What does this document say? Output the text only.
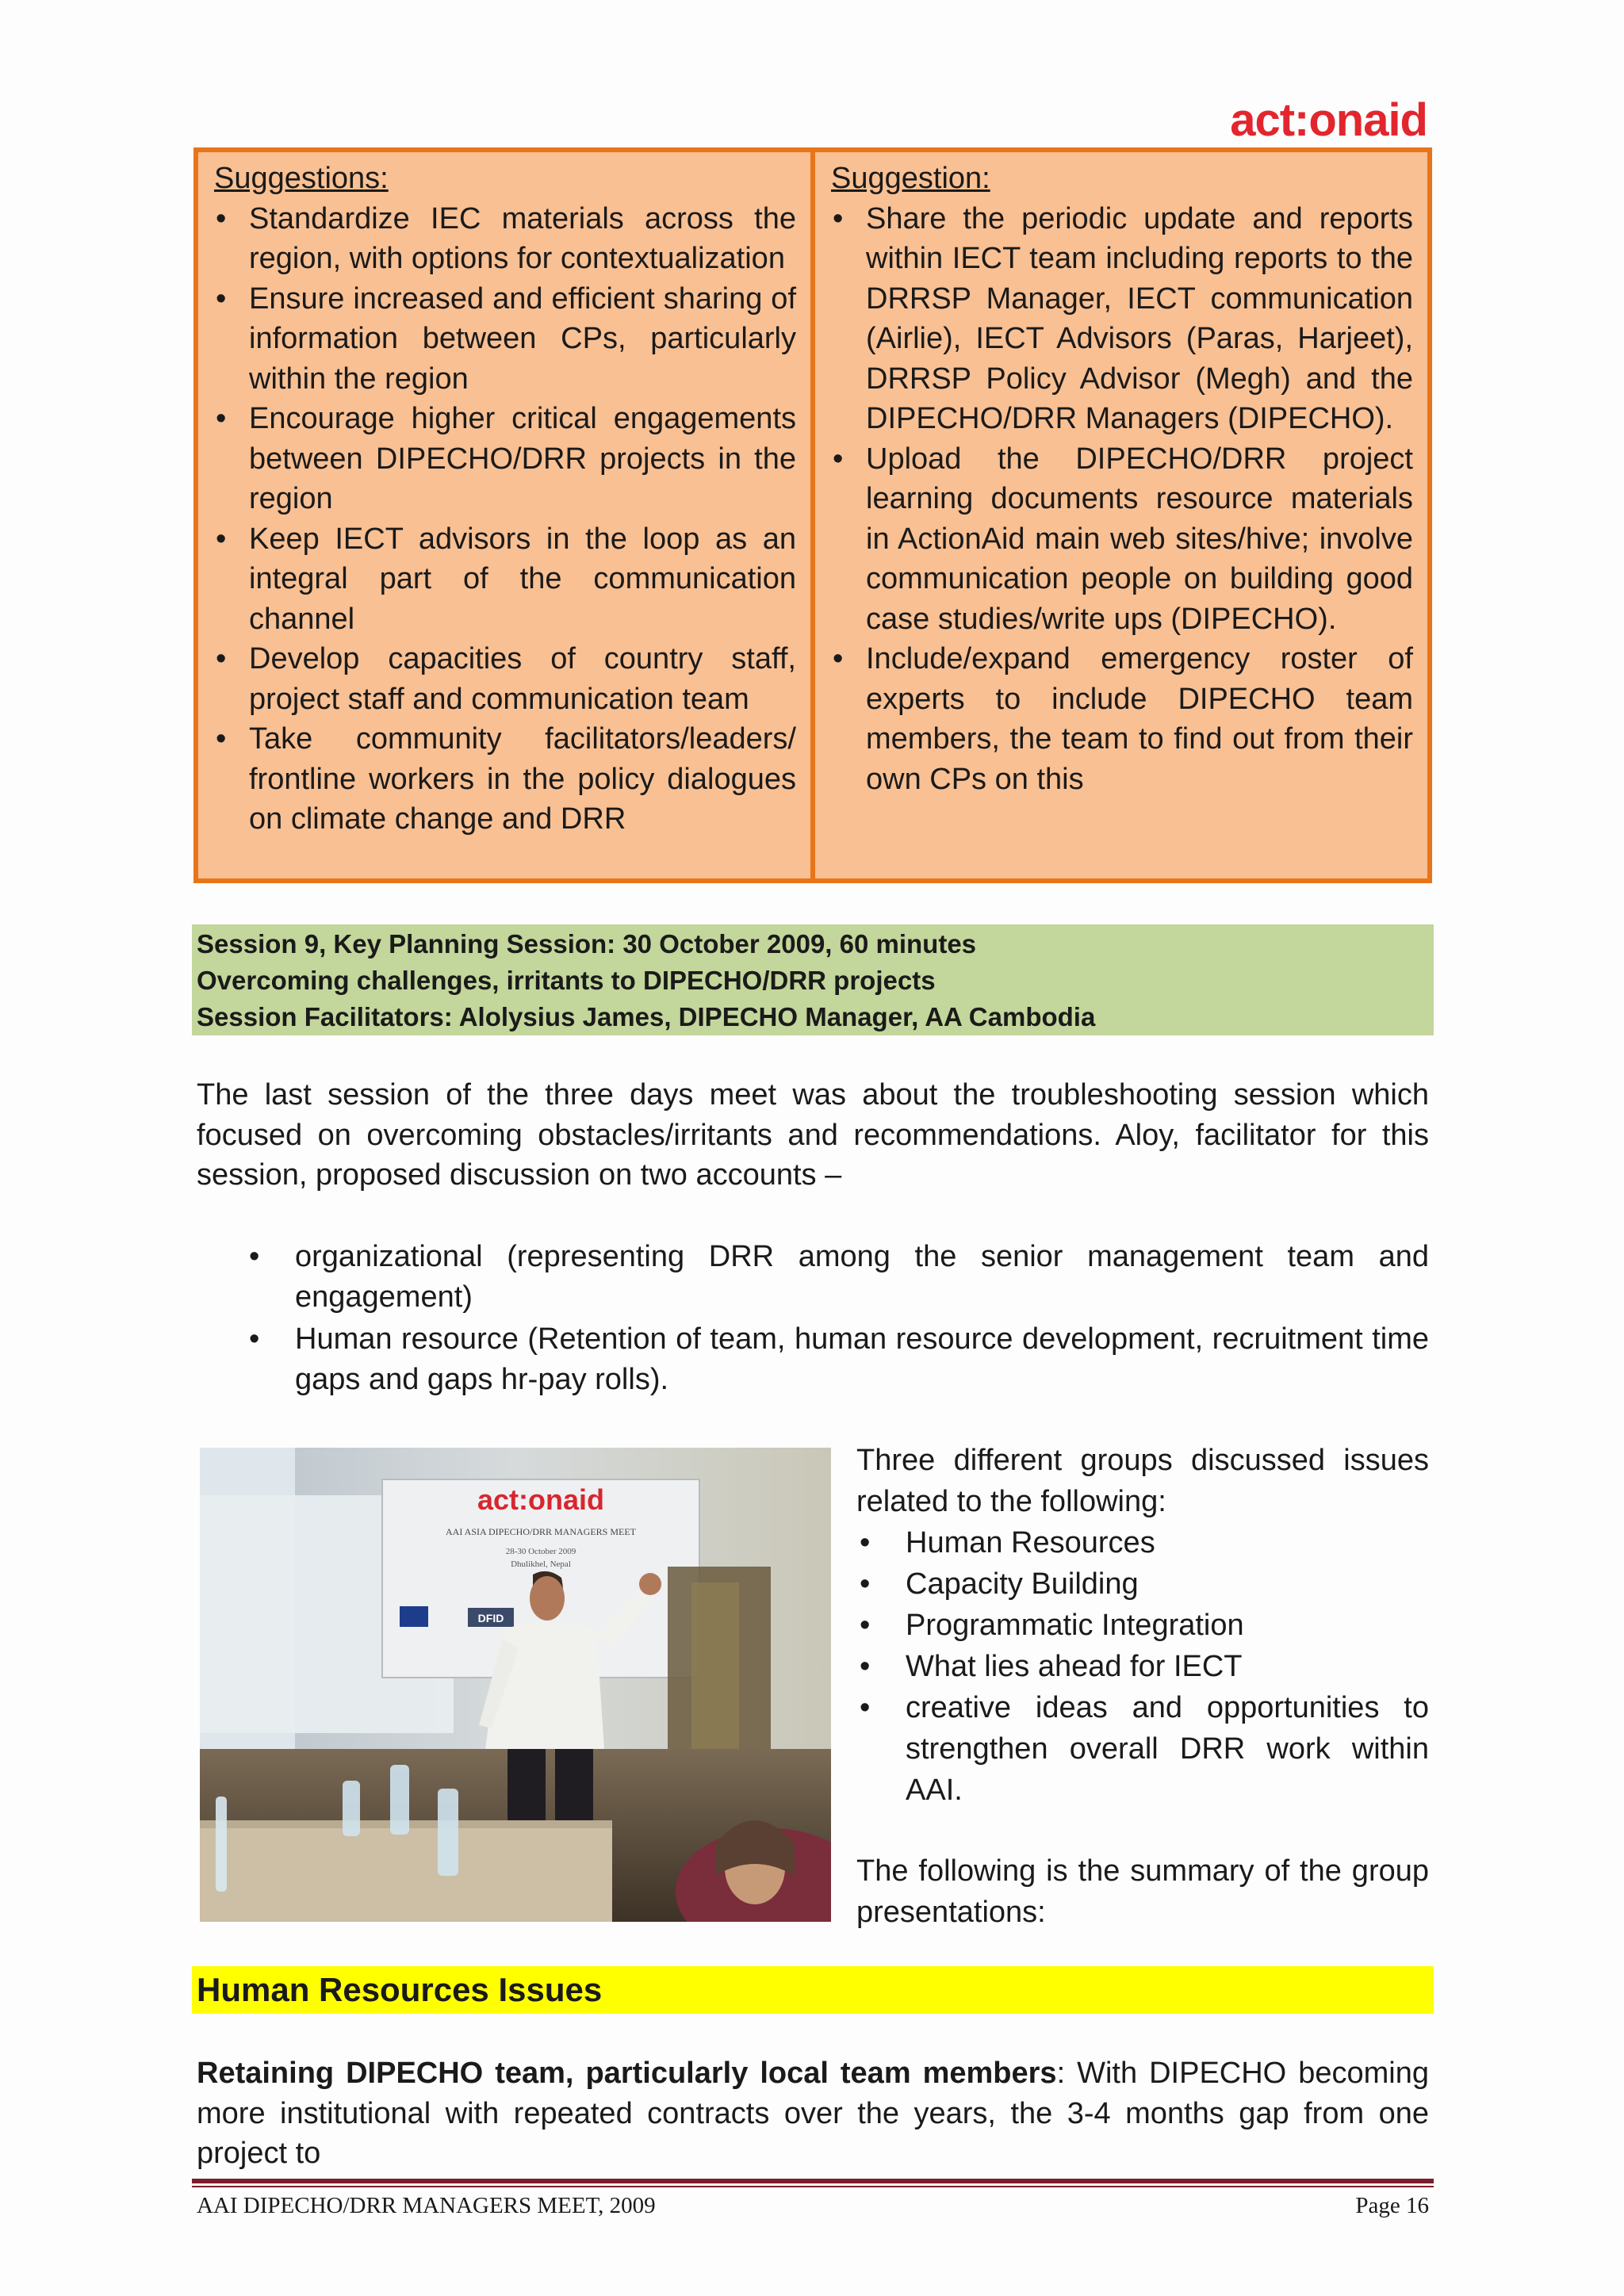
act:onaid
Suggestions:
• Standardize IEC materials across the region, with options for contextualization
• Ensure increased and efficient sharing of information between CPs, particularly within the region
• Encourage higher critical engagements between DIPECHO/DRR projects in the region
• Keep IECT advisors in the loop as an integral part of the communication channel
• Develop capacities of country staff, project staff and communication team
• Take community facilitators/leaders/ frontline workers in the policy dialogues on climate change and DRR
Suggestion:
• Share the periodic update and reports within IECT team including reports to the DRRSP Manager, IECT communication (Airlie), IECT Advisors (Paras, Harjeet), DRRSP Policy Advisor (Megh) and the DIPECHO/DRR Managers (DIPECHO).
• Upload the DIPECHO/DRR project learning documents resource materials in ActionAid main web sites/hive; involve communication people on building good case studies/write ups (DIPECHO).
• Include/expand emergency roster of experts to include DIPECHO team members, the team to find out from their own CPs on this
Session 9, Key Planning Session: 30 October 2009, 60 minutes
Overcoming challenges, irritants to DIPECHO/DRR projects
Session Facilitators: Alolysius James, DIPECHO Manager, AA Cambodia
The last session of the three days meet was about the troubleshooting session which focused on overcoming obstacles/irritants and recommendations. Aloy, facilitator for this session, proposed discussion on two accounts –
• organizational (representing DRR among the senior management team and engagement)
• Human resource (Retention of team, human resource development, recruitment time gaps and gaps hr-pay rolls).
act:onaid
AAI ASIA DIPECHO/DRR MANAGERS MEET
28-30 October 2009
Dhulikhel, Nepal
DFID

Three different groups discussed issues related to the following:

• Human Resources
• Capacity Building
• Programmatic Integration
• What lies ahead for IECT
• creative ideas and opportunities to strengthen overall DRR work within AAI.

The following is the summary of the group presentations:

Human Resources Issues
Retaining DIPECHO team, particularly local team members: With DIPECHO becoming more institutional with repeated contracts over the years, the 3-4 months gap from one project to
AAI DIPECHO/DRR MANAGERS MEET, 2009	Page 16
